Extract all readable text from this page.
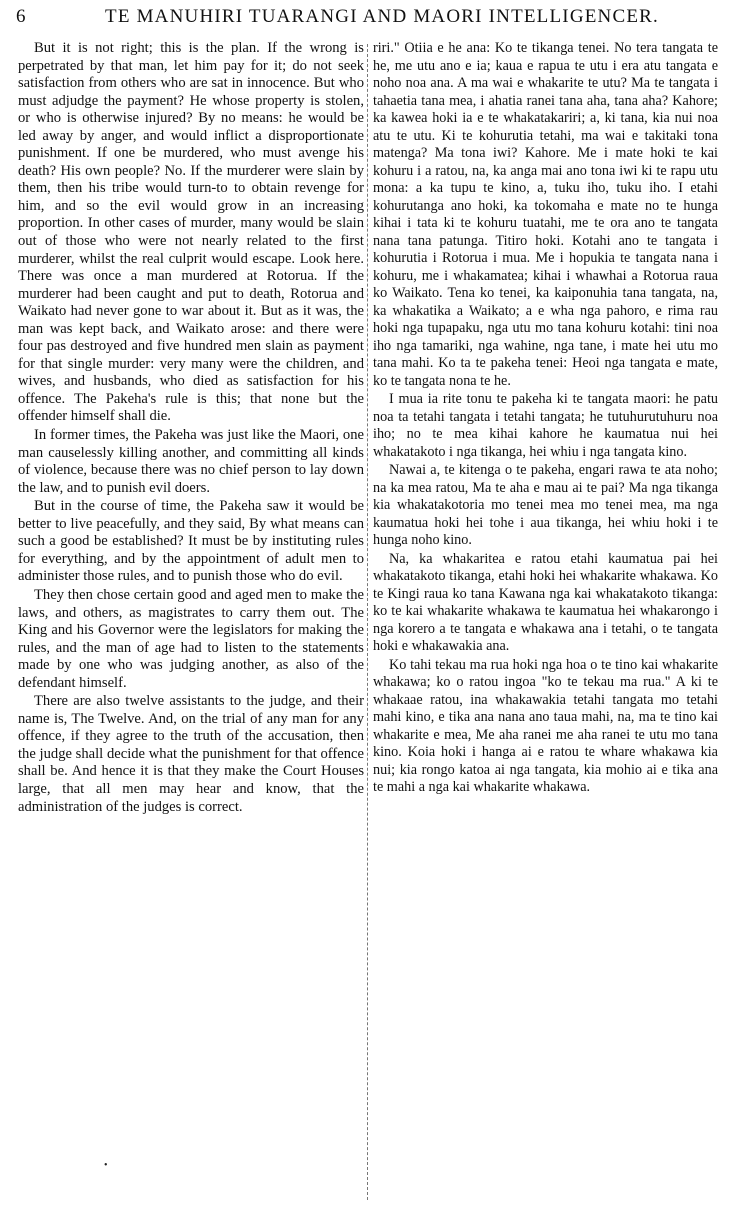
6	TE MANUHIRI TUARANGI AND MAORI INTELLIGENCER.

But it is not right; this is the plan. If the wrong is perpetrated by that man, let him pay for it; do not seek satisfaction from others who are sat in innocence. But who must adjudge the payment? He whose property is stolen, or who is otherwise injured? By no means: he would be led away by anger, and would inflict a disproportionate punishment. If one be murdered, who must avenge his death? His own people? No. If the murderer were slain by them, then his tribe would turn-to to obtain revenge for him, and so the evil would grow in an increasing proportion. In other cases of murder, many would be slain out of those who were not nearly related to the first murderer, whilst the real culprit would escape. Look here. There was once a man murdered at Rotorua. If the murderer had been caught and put to death, Rotorua and Waikato had never gone to war about it. But as it was, the man was kept back, and Waikato arose: and there were four pas destroyed and five hundred men slain as payment for that single murder: very many were the children, and wives, and husbands, who died as satisfaction for his offence. The Pakeha's rule is this; that none but the offender himself shall die.

In former times, the Pakeha was just like the Maori, one man causelessly killing another, and committing all kinds of violence, because there was no chief person to lay down the law, and to punish evil doers.

But in the course of time, the Pakeha saw it would be better to live peacefully, and they said, By what means can such a good be established? It must be by instituting rules for everything, and by the appointment of adult men to administer those rules, and to punish those who do evil.

They then chose certain good and aged men to make the laws, and others, as magistrates to carry them out. The King and his Governor were the legislators for making the rules, and the man of age had to listen to the statements made by one who was judging another, as also of the defendant himself.

There are also twelve assistants to the judge, and their name is, The Twelve. And, on the trial of any man for any offence, if they agree to the truth of the accusation, then the judge shall decide what the punishment for that offence shall be. And hence it is that they make the Court Houses large, that all men may hear and know, that the administration of the judges is correct.

riri." Otiia e he ana: Ko te tikanga tenei. No tera tangata te he, me utu ano e ia; kaua e rapua te utu i era atu tangata e noho noa ana. A ma wai e whakarite te utu? Ma te tangata i tahaetia tana mea, i ahatia ranei tana aha, tana aha? Kahore; ka kawea hoki ia e te whakatakariri; a, ki tana, kia nui noa atu te utu. Ki te kohurutia tetahi, ma wai e takitaki tona matenga? Ma tona iwi? Kahore. Me i mate hoki te kai kohuru i a ratou, na, ka anga mai ano tona iwi ki te rapu utu mona: a ka tupu te kino, a, tuku iho, tuku iho. I etahi kohurutanga ano hoki, ka tokomaha e mate no te hunga kihai i tata ki te kohuru tuatahi, me te ora ano te tangata nana tana patunga. Titiro hoki. Kotahi ano te tangata i kohurutia i Rotorua i mua. Me i hopukia te tangata nana i kohuru, me i whakamatea; kihai i whawhai a Rotorua raua ko Waikato. Tena ko tenei, ka kaiponuhia tana tangata, na, ka whakatika a Waikato; a e wha nga pahoro, e rima rau hoki nga tupapaku, nga utu mo tana kohuru kotahi: tini noa iho nga tamariki, nga wahine, nga tane, i mate hei utu mo tana mahi. Ko ta te pakeha tenei: Heoi nga tangata e mate, ko te tangata nona te he.

I mua ia rite tonu te pakeha ki te tangata maori: he patu noa ta tetahi tangata i tetahi tangata; he tutuhurutuhuru noa iho; no te mea kihai kahore he kaumatua nui hei whakatakoto i nga tikanga, hei whiu i nga tangata kino.

Nawai a, te kitenga o te pakeha, engari rawa te ata noho; na ka mea ratou, Ma te aha e mau ai te pai? Ma nga tikanga kia whakatakotoria mo tenei mea mo tenei mea, ma nga kaumatua hoki hei tohe i aua tikanga, hei whiu hoki i te hunga noho kino.

Na, ka whakaritea e ratou etahi kaumatua pai hei whakatakoto tikanga, etahi hoki hei whakarite whakawa. Ko te Kingi raua ko tana Kawana nga kai whakatakoto tikanga: ko te kai whakarite whakawa te kaumatua hei whakarongo i nga korero a te tangata e whakawa ana i tetahi, o te tangata hoki e whakawakia ana.

Ko tahi tekau ma rua hoki nga hoa o te tino kai whakarite whakawa; ko o ratou ingoa "ko te tekau ma rua." A ki te whakaae ratou, ina whakawakia tetahi tangata mo tetahi mahi kino, e tika ana nana ano taua mahi, na, ma te tino kai whakarite e mea, Me aha ranei me aha ranei te utu mo tana kino. Koia hoki i hanga ai e ratou te whare whakawa kia nui; kia rongo katoa ai nga tangata, kia mohio ai e tika ana te mahi a nga kai whakarite whakawa.

•
